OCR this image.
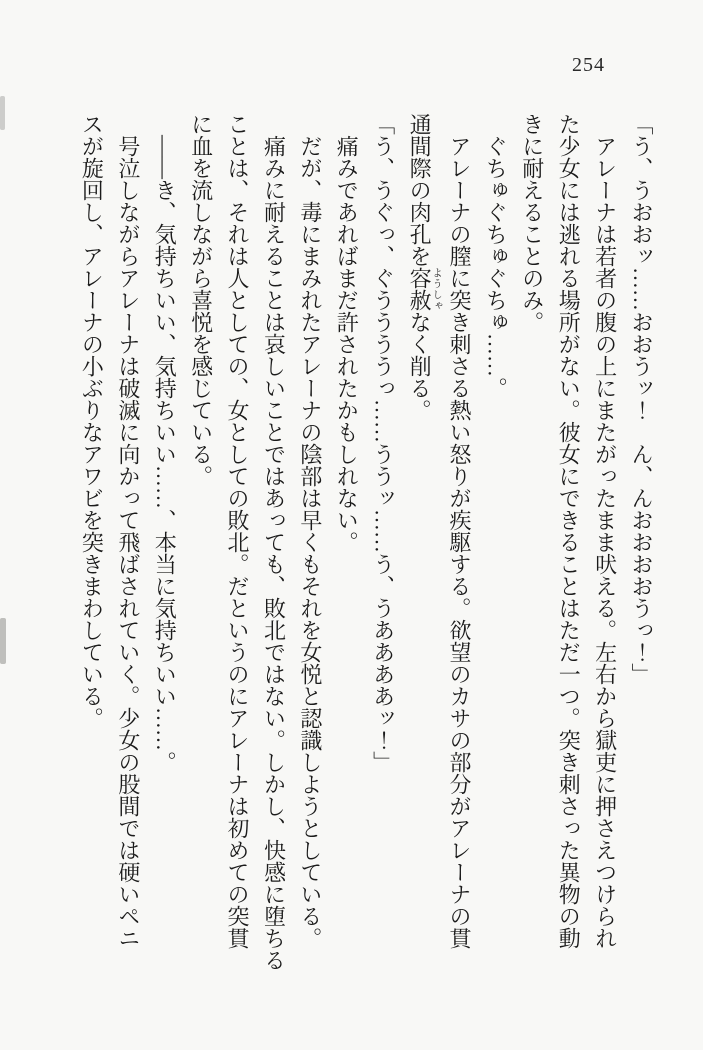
254
「う、うおおッ……おおうッ！　ん、んおおおおうっ！」
アレーナは若者の腹の上にまたがったまま吠える。左右から獄吏に押さえつけられ
た少女には逃れる場所がない。彼女にできることはただ一つ。突き刺さった異物の動
きに耐えることのみ。
ぐちゅぐちゅぐちゅ……。
アレーナの膣に突き刺さる熱い怒りが疾駆する。欲望のカサの部分がアレーナの貫
通間際の肉孔を容赦ようしゃなく削る。
「う、うぐっ、ぐううううっ……ううッ……う、うああああッ！」
痛みであればまだ許されたかもしれない。
だが、毒にまみれたアレーナの陰部は早くもそれを女悦と認識しようとしている。
痛みに耐えることは哀しいことではあっても、敗北ではない。しかし、快感に堕ちる
ことは、それは人としての、女としての敗北。だというのにアレーナは初めての突貫
に血を流しながら喜悦を感じている。
――き、気持ちいい、気持ちいい……、本当に気持ちいい……。
号泣しながらアレーナは破滅に向かって飛ばされていく。少女の股間では硬いペニ
スが旋回し、アレーナの小ぶりなアワビを突きまわしている。
